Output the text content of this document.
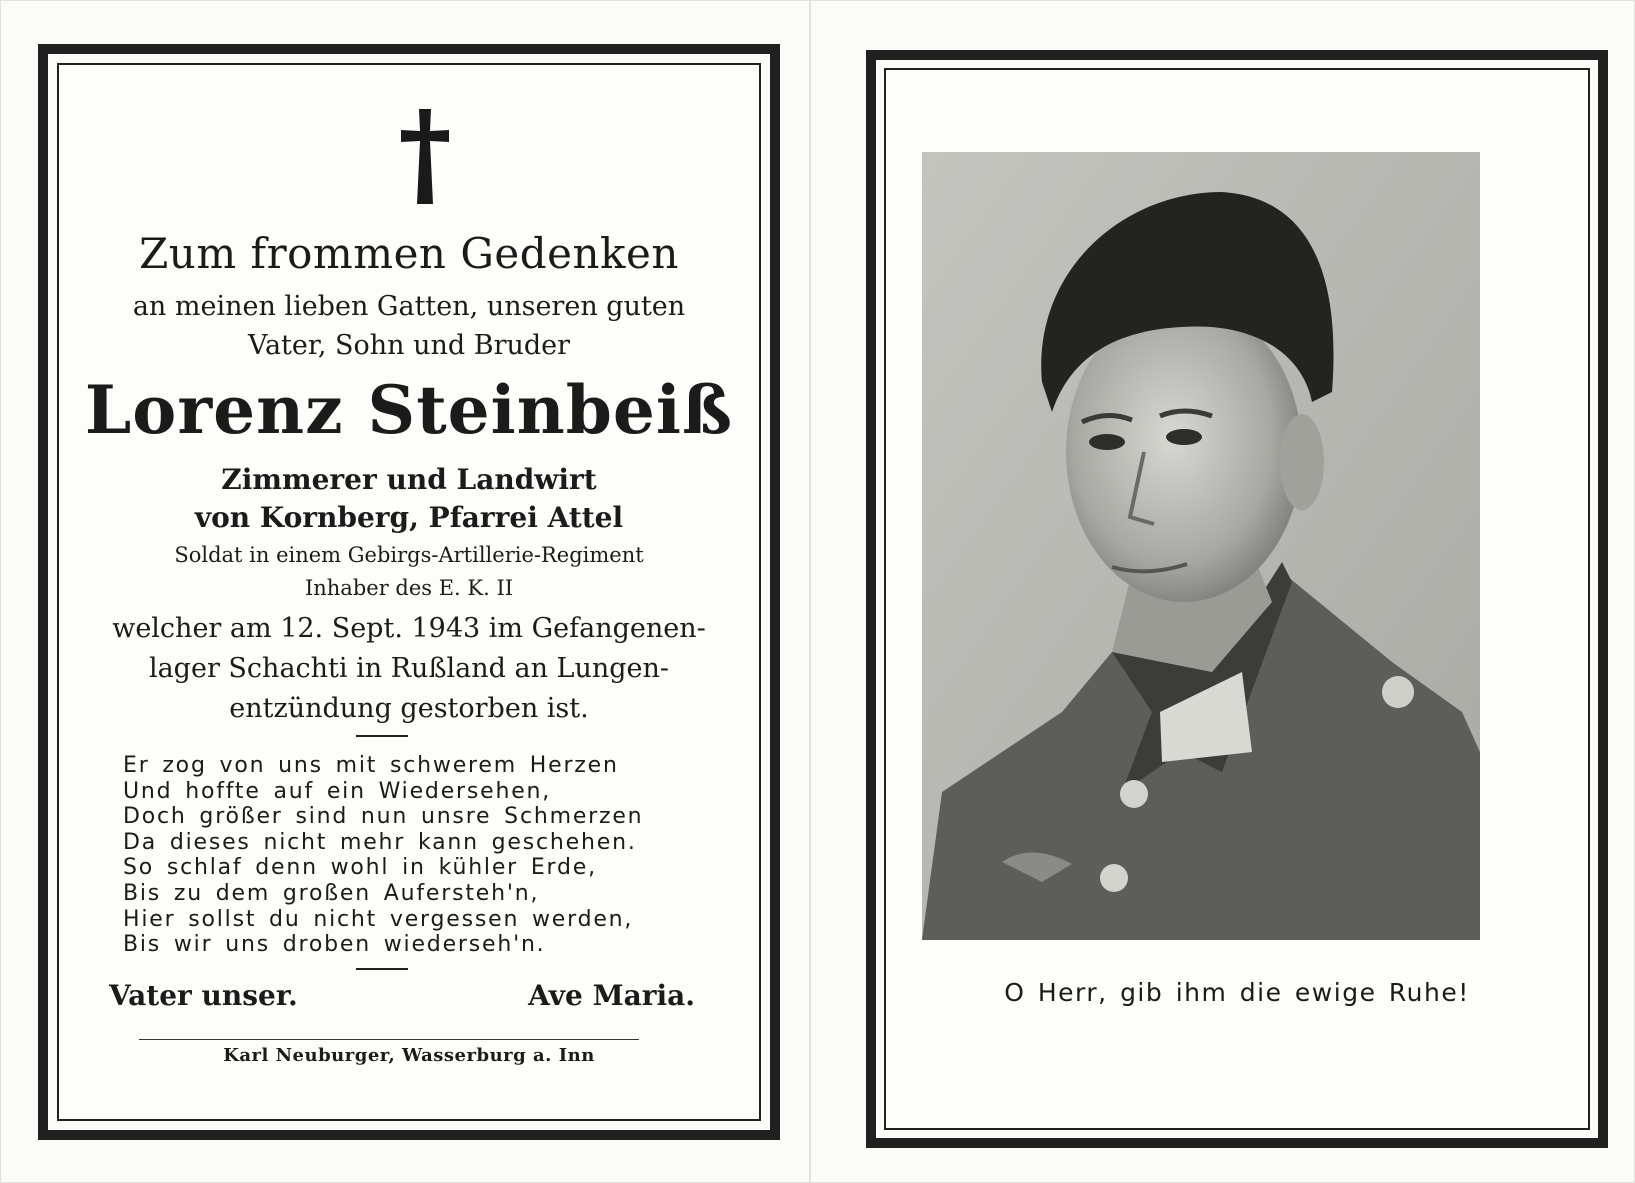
Zum frommen Gedenken
an meinen lieben Gatten, unseren guten
Vater, Sohn und Bruder
Lorenz Steinbeiß
Zimmerer und Landwirt
von Kornberg, Pfarrei Attel
Soldat in einem Gebirgs-Artillerie-Regiment
Inhaber des E. K. II
welcher am 12. Sept. 1943 im Gefangenen-
lager Schachti in Rußland an Lungen-
entzündung gestorben ist.
Er zog von uns mit schwerem Herzen
Und hoffte auf ein Wiedersehen,
Doch größer sind nun unsre Schmerzen
Da dieses nicht mehr kann geschehen.
So schlaf denn wohl in kühler Erde,
Bis zu dem großen Aufersteh'n,
Hier sollst du nicht vergessen werden,
Bis wir uns droben wiederseh'n.
Vater unser.	Ave Maria.
Karl Neuburger, Wasserburg a. Inn
O Herr, gib ihm die ewige Ruhe!
